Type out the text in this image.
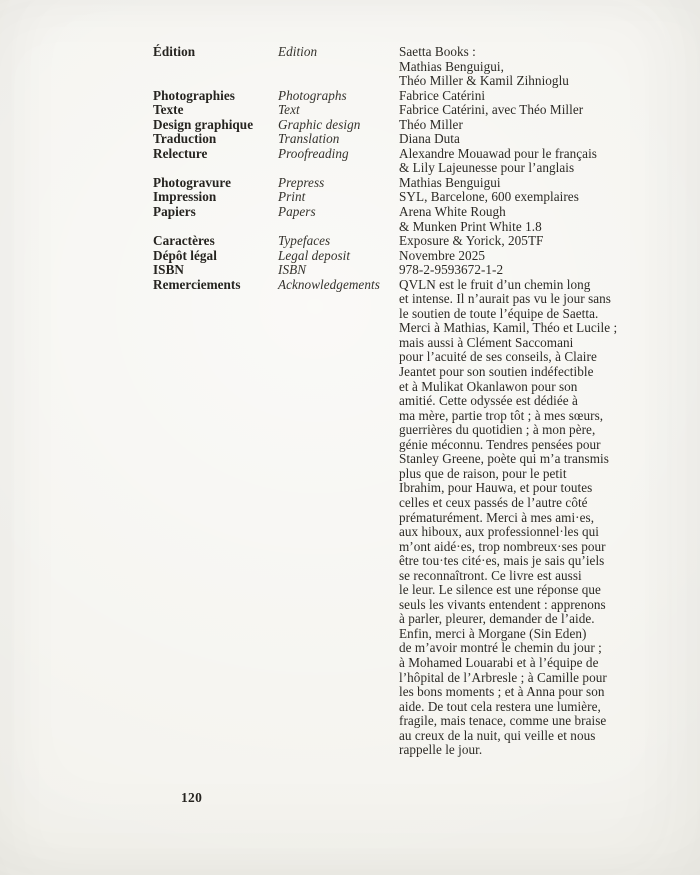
Édition	Edition	Saetta Books :
Mathias Benguigui,
Théo Miller & Kamil Zihnioglu
Photographies	Photographs	Fabrice Catérini
Texte	Text	Fabrice Catérini, avec Théo Miller
Design graphique	Graphic design	Théo Miller
Traduction	Translation	Diana Duta
Relecture	Proofreading	Alexandre Mouawad pour le français
& Lily Lajeunesse pour l’anglais
Photogravure	Prepress	Mathias Benguigui
Impression	Print	SYL, Barcelone, 600 exemplaires
Papiers	Papers	Arena White Rough
& Munken Print White 1.8
Caractères	Typefaces	Exposure & Yorick, 205TF
Dépôt légal	Legal deposit	Novembre 2025
ISBN	ISBN	978-2-9593672-1-2
Remerciements	Acknowledgements	QVLN est le fruit d’un chemin long
et intense. Il n’aurait pas vu le jour sans
le soutien de toute l’équipe de Saetta.
Merci à Mathias, Kamil, Théo et Lucile ;
mais aussi à Clément Saccomani
pour l’acuité de ses conseils, à Claire
Jeantet pour son soutien indéfectible
et à Mulikat Okanlawon pour son
amitié. Cette odyssée est dédiée à
ma mère, partie trop tôt ; à mes sœurs,
guerrières du quotidien ; à mon père,
génie méconnu. Tendres pensées pour
Stanley Greene, poète qui m’a transmis
plus que de raison, pour le petit
Ibrahim, pour Hauwa, et pour toutes
celles et ceux passés de l’autre côté
prématurément. Merci à mes ami·es,
aux hiboux, aux professionnel·les qui
m’ont aidé·es, trop nombreux·ses pour
être tou·tes cité·es, mais je sais qu’iels
se reconnaîtront. Ce livre est aussi
le leur. Le silence est une réponse que
seuls les vivants entendent : apprenons
à parler, pleurer, demander de l’aide.
Enfin, merci à Morgane (Sin Eden)
de m’avoir montré le chemin du jour ;
à Mohamed Louarabi et à l’équipe de
l’hôpital de l’Arbresle ; à Camille pour
les bons moments ; et à Anna pour son
aide. De tout cela restera une lumière,
fragile, mais tenace, comme une braise
au creux de la nuit, qui veille et nous
rappelle le jour.
120
